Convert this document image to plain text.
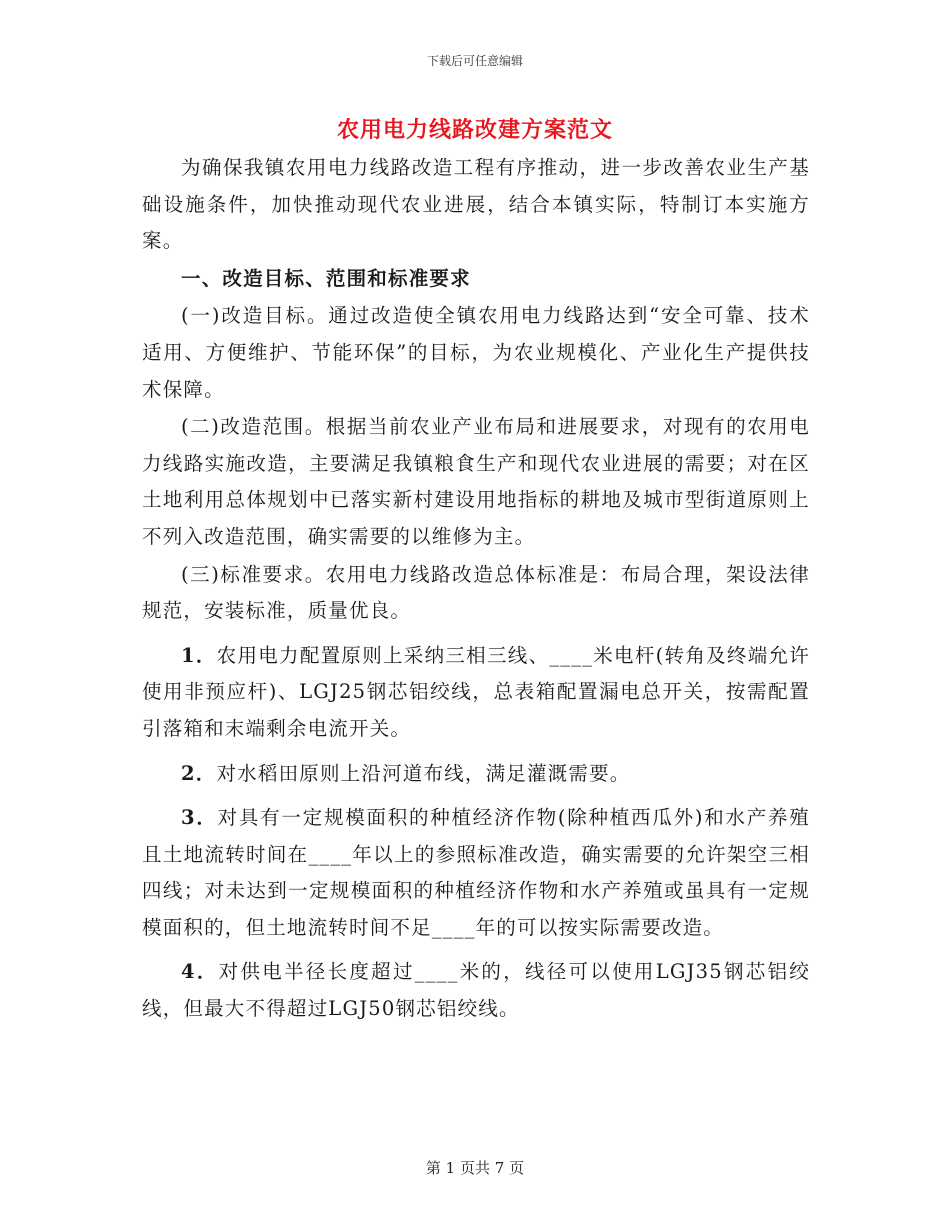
下载后可任意编辑
农用电力线路改建方案范文

为确保我镇农用电力线路改造工程有序推动，进一步改善农业生产基础设施条件，加快推动现代农业进展，结合本镇实际，特制订本实施方案。

一、改造目标、范围和标准要求

(一)改造目标。通过改造使全镇农用电力线路达到“安全可靠、技术适用、方便维护、节能环保”的目标，为农业规模化、产业化生产提供技术保障。

(二)改造范围。根据当前农业产业布局和进展要求，对现有的农用电力线路实施改造，主要满足我镇粮食生产和现代农业进展的需要；对在区土地利用总体规划中已落实新村建设用地指标的耕地及城市型街道原则上不列入改造范围，确实需要的以维修为主。

(三)标准要求。农用电力线路改造总体标准是：布局合理，架设法律规范，安装标准，质量优良。

1．农用电力配置原则上采纳三相三线、____米电杆(转角及终端允许使用非预应杆)、LGJ25钢芯铝绞线，总表箱配置漏电总开关，按需配置引落箱和末端剩余电流开关。

2．对水稻田原则上沿河道布线，满足灌溉需要。

3．对具有一定规模面积的种植经济作物(除种植西瓜外)和水产养殖且土地流转时间在____年以上的参照标准改造，确实需要的允许架空三相四线；对未达到一定规模面积的种植经济作物和水产养殖或虽具有一定规模面积的，但土地流转时间不足____年的可以按实际需要改造。

4．对供电半径长度超过____米的，线径可以使用LGJ35钢芯铝绞线，但最大不得超过LGJ50钢芯铝绞线。

第 1 页共 7 页
